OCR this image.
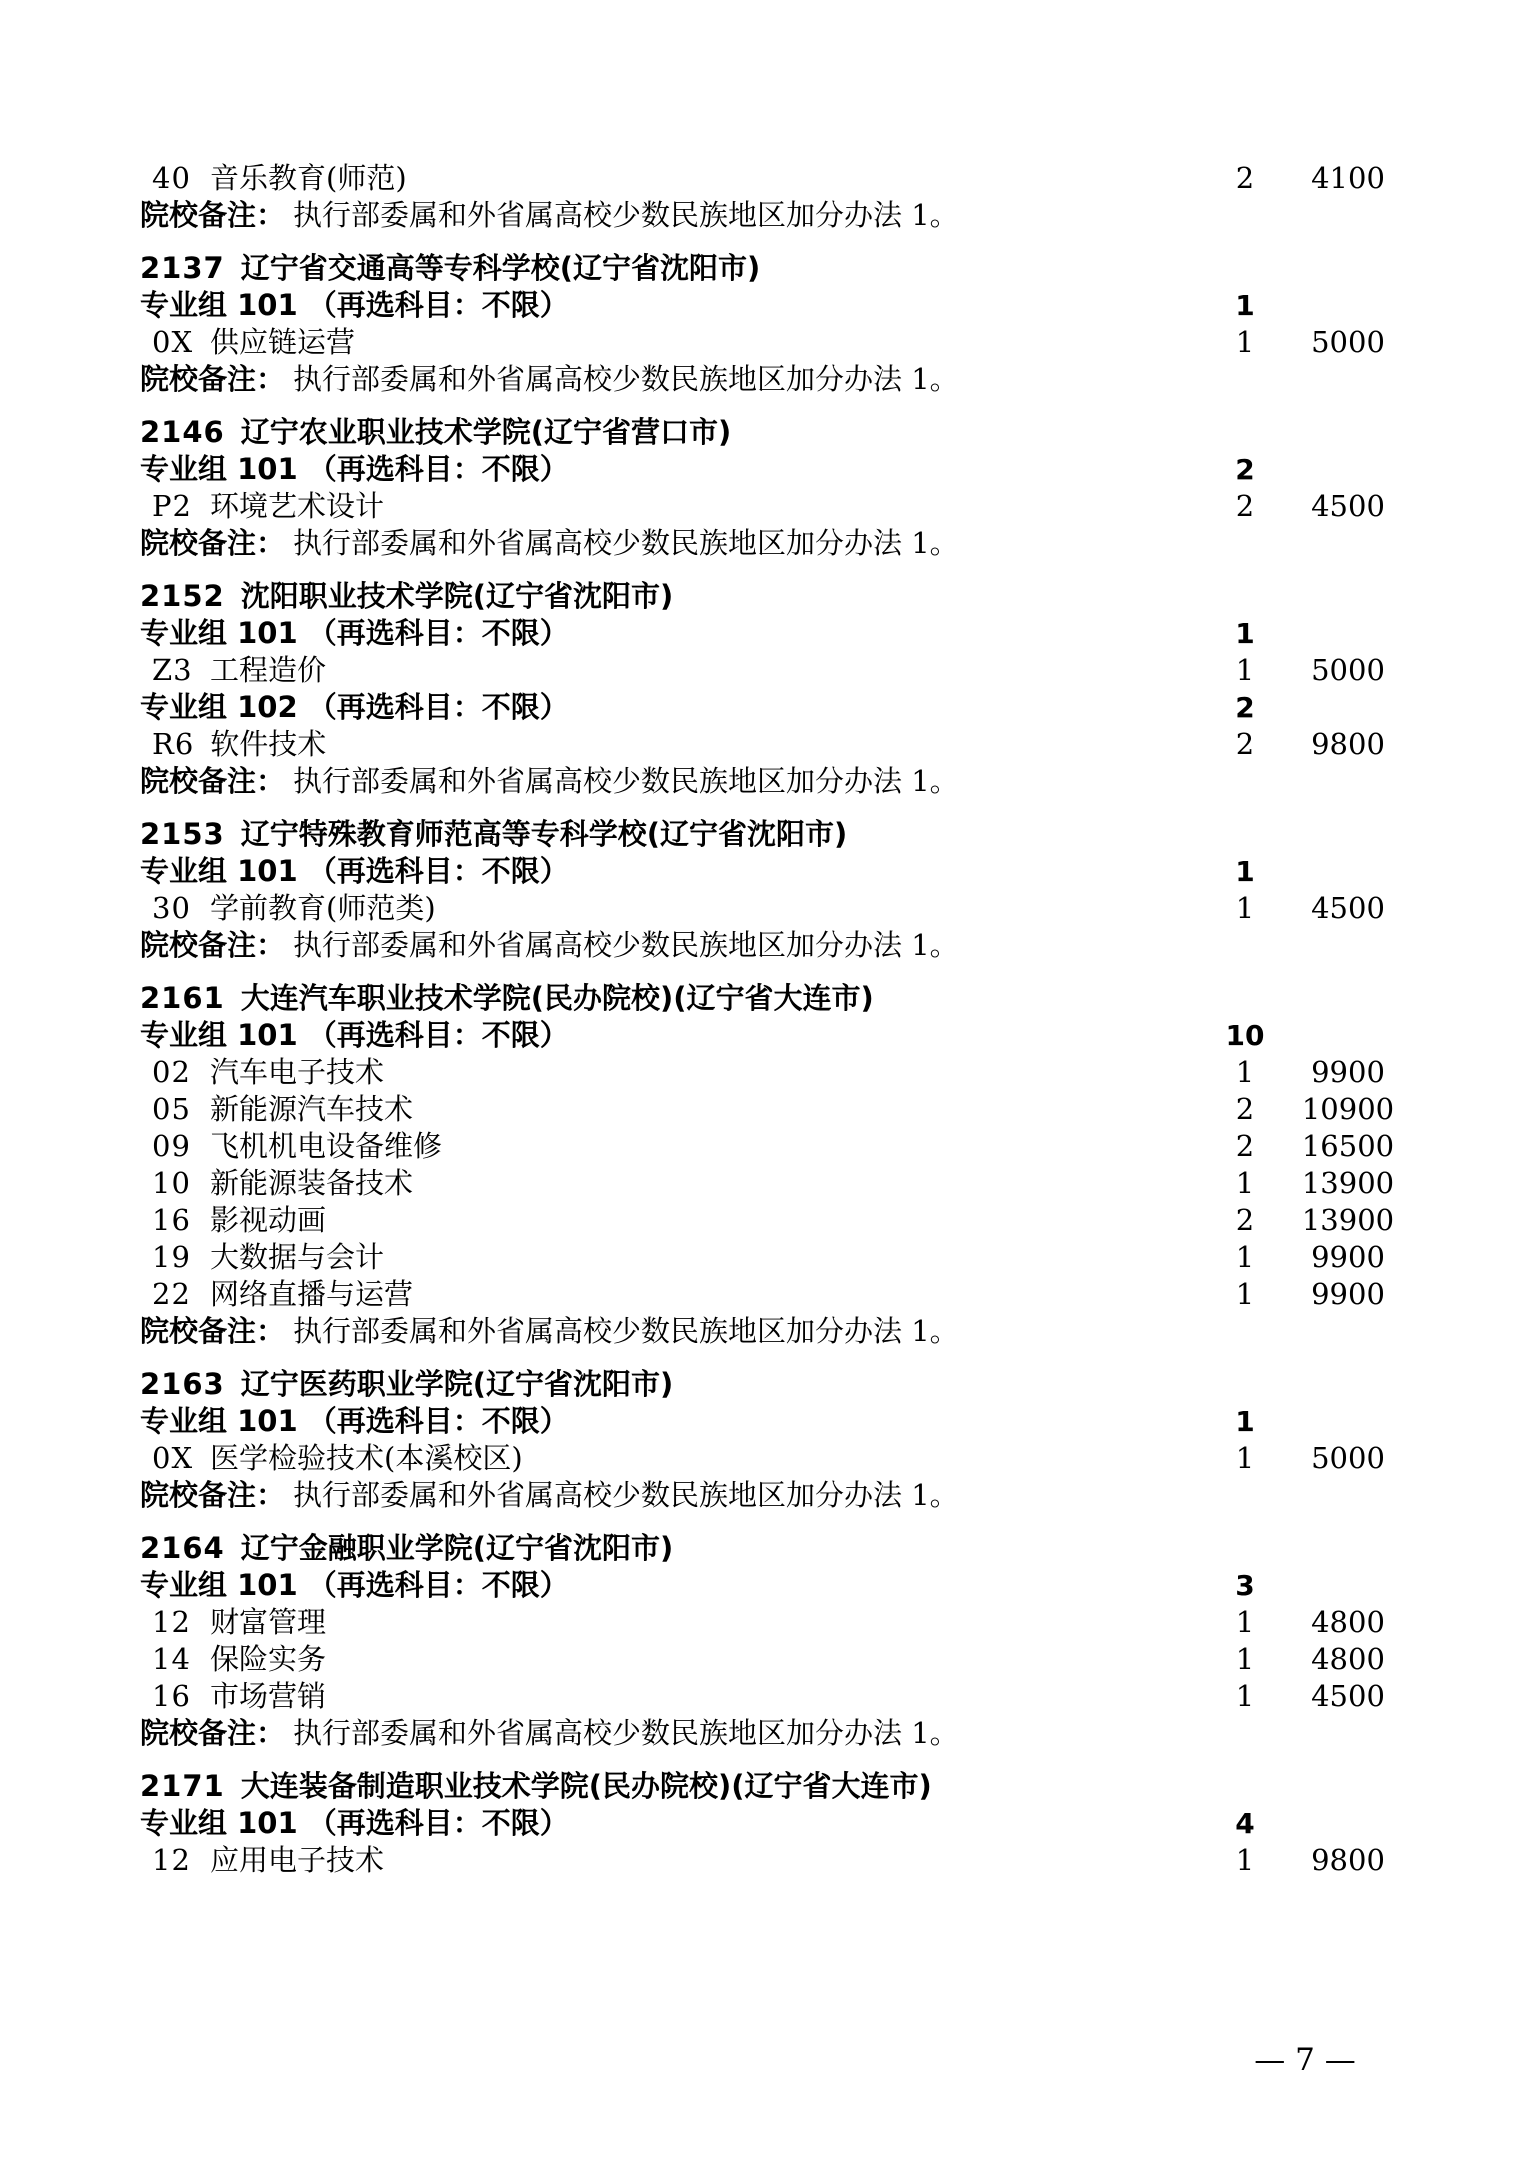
40 音乐教育(师范)	2	4100
院校备注： 执行部委属和外省属高校少数民族地区加分办法 1。
2137 辽宁省交通高等专科学校(辽宁省沈阳市)
专业组 101 （再选科目：不限）	1
0X 供应链运营	1	5000
院校备注： 执行部委属和外省属高校少数民族地区加分办法 1。
2146 辽宁农业职业技术学院(辽宁省营口市)
专业组 101 （再选科目：不限）	2
P2 环境艺术设计	2	4500
院校备注： 执行部委属和外省属高校少数民族地区加分办法 1。
2152 沈阳职业技术学院(辽宁省沈阳市)
专业组 101 （再选科目：不限）	1
Z3 工程造价	1	5000
专业组 102 （再选科目：不限）	2
R6 软件技术	2	9800
院校备注： 执行部委属和外省属高校少数民族地区加分办法 1。
2153 辽宁特殊教育师范高等专科学校(辽宁省沈阳市)
专业组 101 （再选科目：不限）	1
30 学前教育(师范类)	1	4500
院校备注： 执行部委属和外省属高校少数民族地区加分办法 1。
2161 大连汽车职业技术学院(民办院校)(辽宁省大连市)
专业组 101 （再选科目：不限）	10
02 汽车电子技术	1	9900
05 新能源汽车技术	2	10900
09 飞机机电设备维修	2	16500
10 新能源装备技术	1	13900
16 影视动画	2	13900
19 大数据与会计	1	9900
22 网络直播与运营	1	9900
院校备注： 执行部委属和外省属高校少数民族地区加分办法 1。
2163 辽宁医药职业学院(辽宁省沈阳市)
专业组 101 （再选科目：不限）	1
0X 医学检验技术(本溪校区)	1	5000
院校备注： 执行部委属和外省属高校少数民族地区加分办法 1。
2164 辽宁金融职业学院(辽宁省沈阳市)
专业组 101 （再选科目：不限）	3
12 财富管理	1	4800
14 保险实务	1	4800
16 市场营销	1	4500
院校备注： 执行部委属和外省属高校少数民族地区加分办法 1。
2171 大连装备制造职业技术学院(民办院校)(辽宁省大连市)
专业组 101 （再选科目：不限）	4
12 应用电子技术	1	9800
— 7 —
